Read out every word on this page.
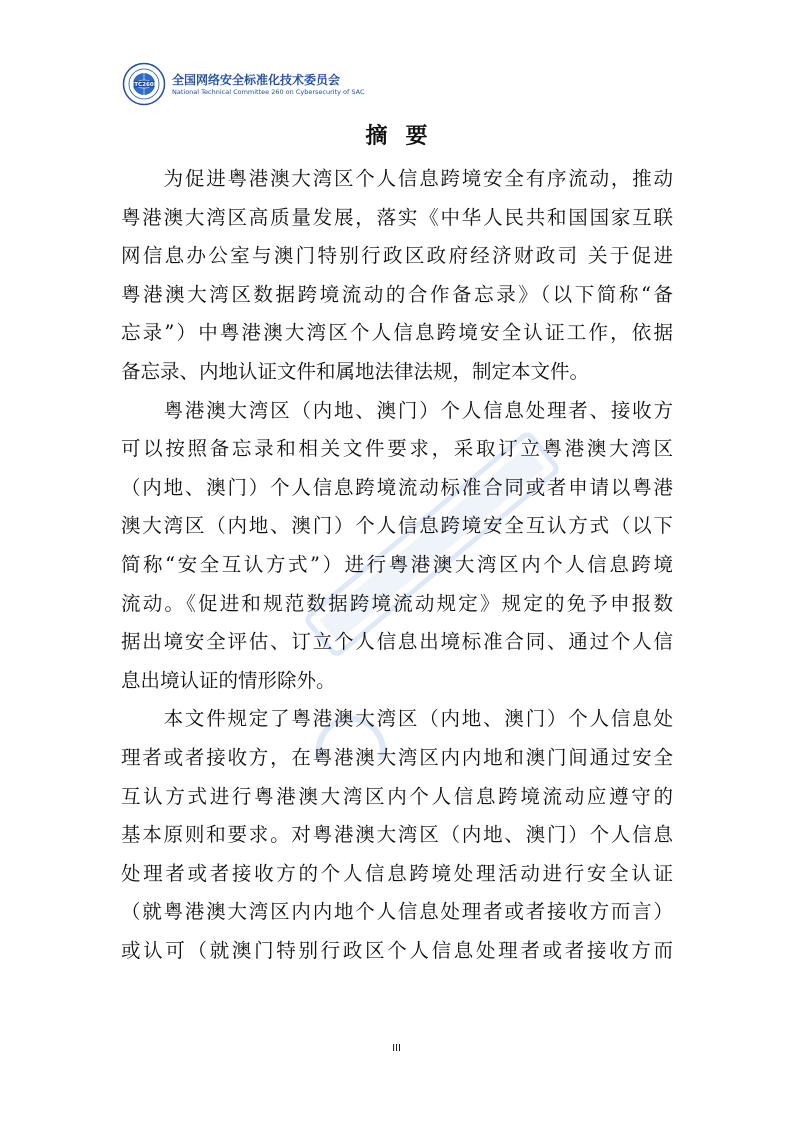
TC260 全国网络安全标准化技术委员会
National Technical Committee 260 on Cybersecurity of SAC
摘要
　　为促进粤港澳大湾区个人信息跨境安全有序流动，推动
粤港澳大湾区高质量发展，落实《中华人民共和国国家互联
网信息办公室与澳门特别行政区政府经济财政司 关于促进
粤港澳大湾区数据跨境流动的合作备忘录》（以下简称“备
忘录”）中粤港澳大湾区个人信息跨境安全认证工作，依据
备忘录、内地认证文件和属地法律法规，制定本文件。
　　粤港澳大湾区（内地、澳门）个人信息处理者、接收方
可以按照备忘录和相关文件要求，采取订立粤港澳大湾区
（内地、澳门）个人信息跨境流动标准合同或者申请以粤港
澳大湾区（内地、澳门）个人信息跨境安全互认方式（以下
简称“安全互认方式”）进行粤港澳大湾区内个人信息跨境
流动。《促进和规范数据跨境流动规定》规定的免予申报数
据出境安全评估、订立个人信息出境标准合同、通过个人信
息出境认证的情形除外。
　　本文件规定了粤港澳大湾区（内地、澳门）个人信息处
理者或者接收方，在粤港澳大湾区内内地和澳门间通过安全
互认方式进行粤港澳大湾区内个人信息跨境流动应遵守的
基本原则和要求。对粤港澳大湾区（内地、澳门）个人信息
处理者或者接收方的个人信息跨境处理活动进行安全认证
（就粤港澳大湾区内内地个人信息处理者或者接收方而言）
或认可（就澳门特别行政区个人信息处理者或者接收方而
III
